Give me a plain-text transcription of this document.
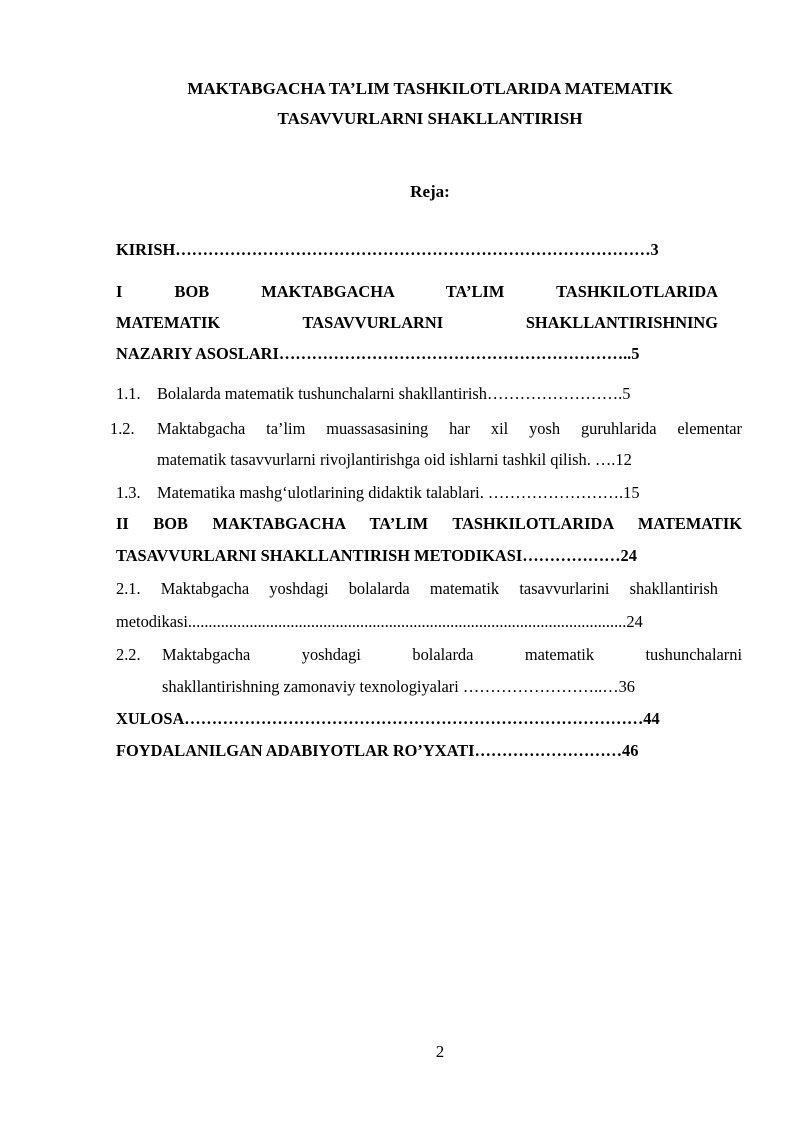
MAKTABGACHA TA’LIM TASHKILOTLARIDA MATEMATIK
TASAVVURLARNI SHAKLLANTIRISH
Reja:
KIRISH……………………………………………………………………………3
I BOB MAKTABGACHA TA’LIM TASHKILOTLARIDA
MATEMATIK TASAVVURLARNI SHAKLLANTIRISHNING
NAZARIY ASOSLARI………………………………………………………..5
1.1. Bolalarda matematik tushunchalarni shakllantirish…………………….5
1.2. Maktabgacha ta’lim muassasasining har xil yosh guruhlarida elementar
matematik tasavvurlarni rivojlantirishga oid ishlarni tashkil qilish. ….12
1.3. Matematika mashg‘ulotlarining didaktik talablari. …………………….15
II BOB MAKTABGACHA TA’LIM TASHKILOTLARIDA MATEMATIK
TASAVVURLARNI SHAKLLANTIRISH METODIKASI………………24
2.1. Maktabgacha yoshdagi bolalarda matematik tasavvurlarini shakllantirish
metodikasi...........................................................................................................24
2.2. Maktabgacha yoshdagi bolalarda matematik tushunchalarni
shakllantirishning zamonaviy texnologiyalari ……………………..…36
XULOSA…………………………………………………………………………44
FOYDALANILGAN ADABIYOTLAR RO’YXATI………………………46
2
